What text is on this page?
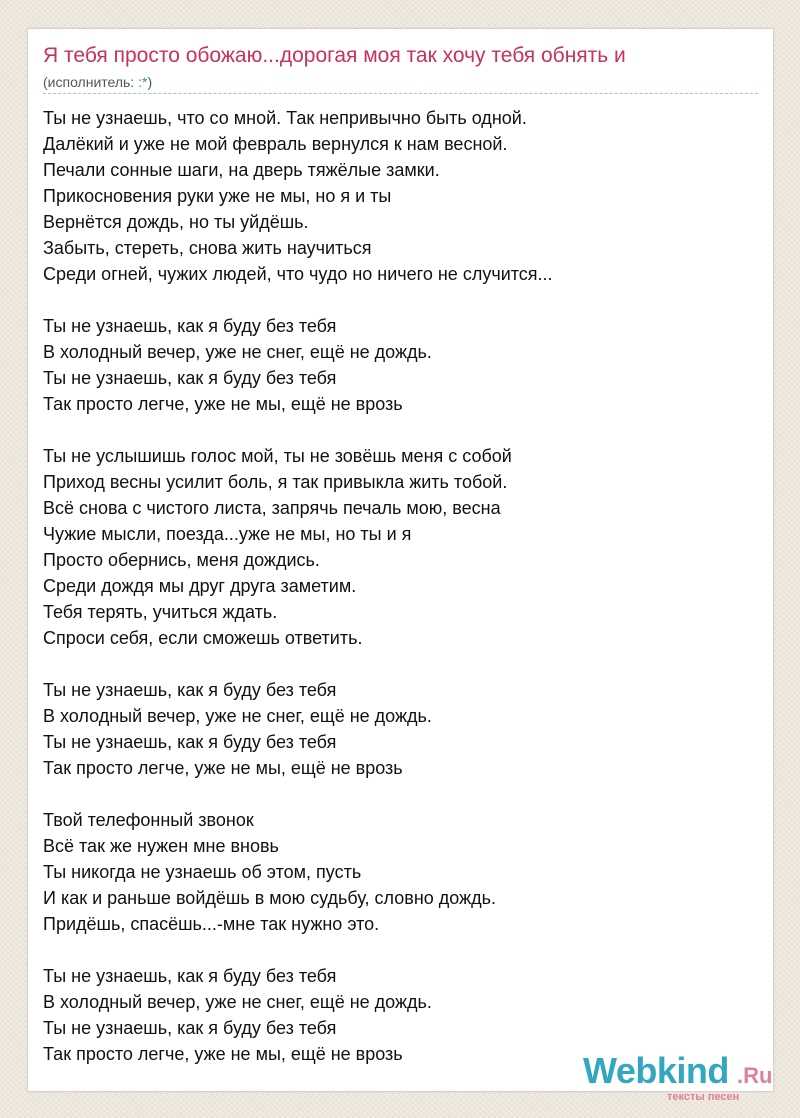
Я тебя просто обожаю...дорогая моя так хочу тебя обнять и
(исполнитель: :*)
Ты не узнаешь, что со мной. Так непривычно быть одной.
Далёкий и уже не мой февраль вернулся к нам весной.
Печали сонные шаги, на дверь тяжёлые замки.
Прикосновения руки уже не мы, но я и ты
Вернётся дождь, но ты уйдёшь.
Забыть, стереть, снова жить научиться
Среди огней, чужих людей, что чудо но ничего не случится...
Ты не узнаешь, как я буду без тебя
В холодный вечер, уже не снег, ещё не дождь.
Ты не узнаешь, как я буду без тебя
Так просто легче, уже не мы, ещё не врозь
Ты не услышишь голос мой, ты не зовёшь меня с собой
Приход весны усилит боль, я так привыкла жить тобой.
Всё снова с чистого листа, запрячь печаль мою, весна
Чужие мысли, поезда...уже не мы, но ты и я
Просто обернись, меня дождись.
Среди дождя мы друг друга заметим.
Тебя терять, учиться ждать.
Спроси себя, если сможешь ответить.
Ты не узнаешь, как я буду без тебя
В холодный вечер, уже не снег, ещё не дождь.
Ты не узнаешь, как я буду без тебя
Так просто легче, уже не мы, ещё не врозь
Твой телефонный звонок
Всё так же нужен мне вновь
Ты никогда не узнаешь об этом, пусть
И как и раньше войдёшь в мою судьбу, словно дождь.
Придёшь, спасёшь...-мне так нужно это.
Ты не узнаешь, как я буду без тебя
В холодный вечер, уже не снег, ещё не дождь.
Ты не узнаешь, как я буду без тебя
Так просто легче, уже не мы, ещё не врозь	Webkind .Ru
тексты песен
